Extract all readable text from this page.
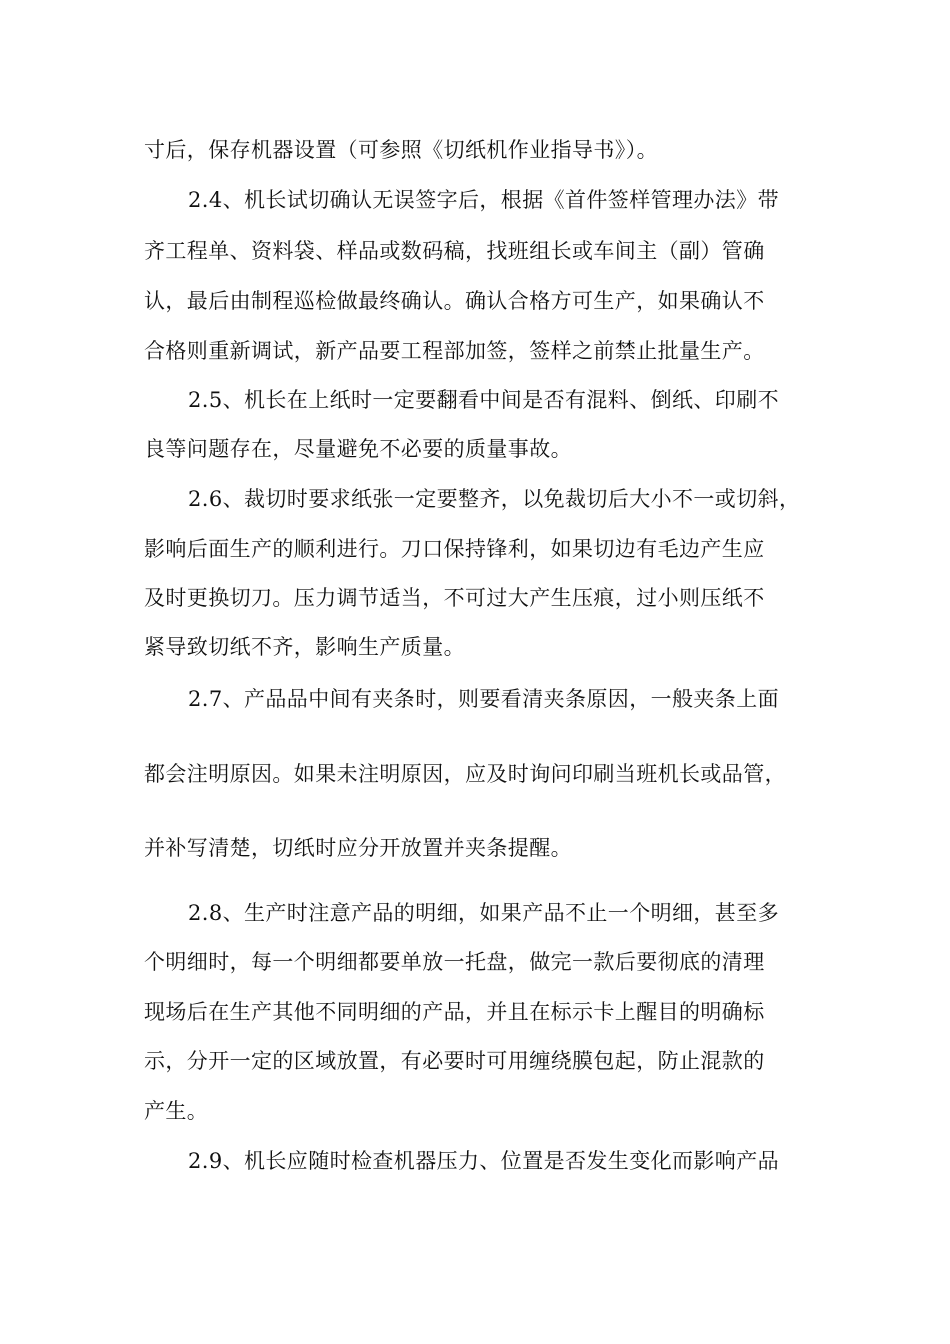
寸后，保存机器设置（可参照《切纸机作业指导书》）。
2.4、机长试切确认无误签字后，根据《首件签样管理办法》带
齐工程单、资料袋、样品或数码稿，找班组长或车间主（副）管确
认，最后由制程巡检做最终确认。确认合格方可生产，如果确认不
合格则重新调试，新产品要工程部加签，签样之前禁止批量生产。
2.5、机长在上纸时一定要翻看中间是否有混料、倒纸、印刷不
良等问题存在，尽量避免不必要的质量事故。
2.6、裁切时要求纸张一定要整齐，以免裁切后大小不一或切斜，
影响后面生产的顺利进行。刀口保持锋利，如果切边有毛边产生应
及时更换切刀。压力调节适当，不可过大产生压痕，过小则压纸不
紧导致切纸不齐，影响生产质量。
2.7、产品品中间有夹条时，则要看清夹条原因，一般夹条上面
都会注明原因。如果未注明原因，应及时询问印刷当班机长或品管，
并补写清楚，切纸时应分开放置并夹条提醒。
2.8、生产时注意产品的明细，如果产品不止一个明细，甚至多
个明细时，每一个明细都要单放一托盘，做完一款后要彻底的清理
现场后在生产其他不同明细的产品，并且在标示卡上醒目的明确标
示，分开一定的区域放置，有必要时可用缠绕膜包起，防止混款的
产生。
2.9、机长应随时检查机器压力、位置是否发生变化而影响产品
